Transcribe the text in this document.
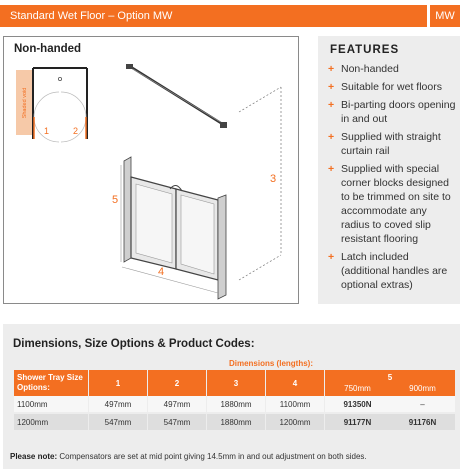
Standard Wet Floor – Option MW	MW
Non-handed
Shaded void
1	2
3
5
4
FEATURES
+ Non-handed
+ Suitable for wet floors
+ Bi-parting doors opening in and out
+ Supplied with straight curtain rail
+ Supplied with special corner blocks designed to be trimmed on site to accommodate any radius to coved slip resistant flooring
+ Latch included (additional handles are optional extras)
Dimensions, Size Options & Product Codes:
Dimensions (lengths):
Shower Tray Size Options:	1	2	3	4	5
750mm 900mm

1100mm	497mm	497mm	1880mm	1100mm	91350N –

1200mm	547mm	547mm	1880mm	1200mm	91177N 91176N
Please note: Compensators are set at mid point giving 14.5mm in and out adjustment on both sides.
